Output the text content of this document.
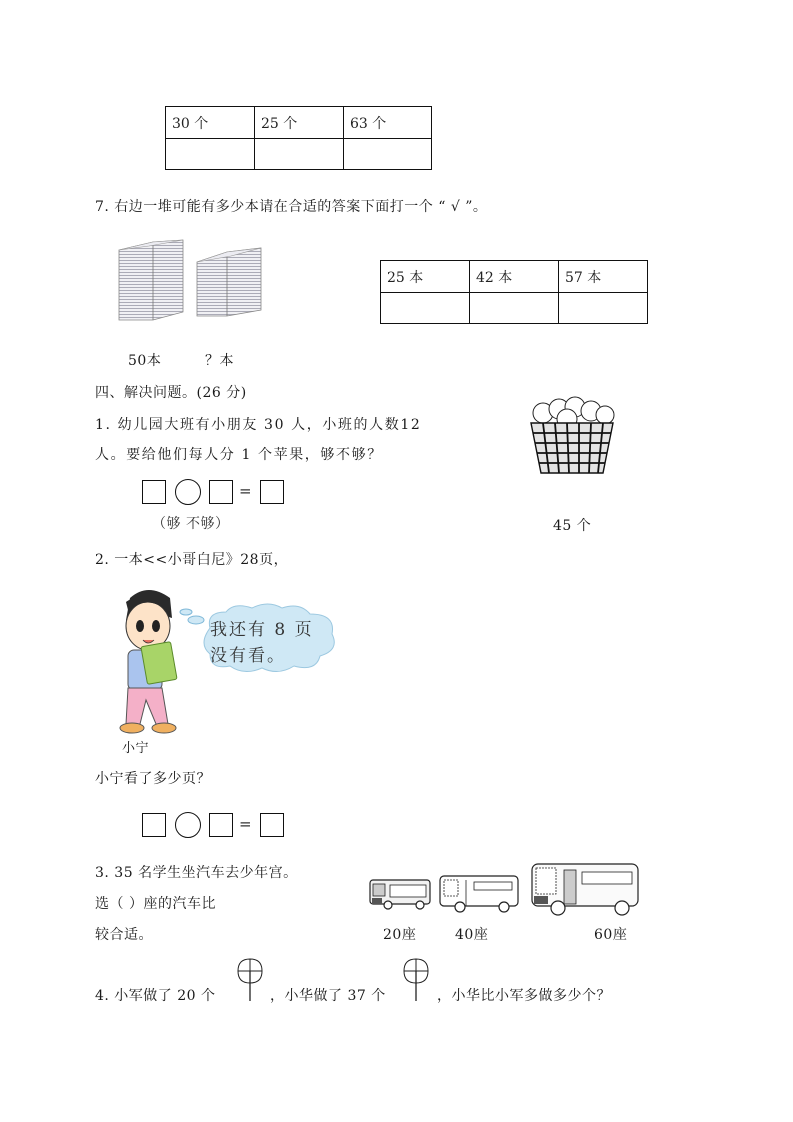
30 个	25 个	63 个

7. 右边一堆可能有多少本请在合适的答案下面打一个 “ √ ”。
25 本	42 本	57 本

50本	？本
四、解决问题。(26 分)
1. 幼儿园大班有小朋友 30 人，小班的人数12
人。要给他们每人分 1 个苹果，够不够？
=
（够 不够）	45 个
2. 一本<<小哥白尼》28页，
我还有 8 页
没有看。
小宁
小宁看了多少页？
=
3. 35 名学生坐汽车去少年宫。
选（ ）座的汽车比
较合适。	20座	40座	60座
4. 小军做了 20 个	，小华做了 37 个	，小华比小军多做多少个？
